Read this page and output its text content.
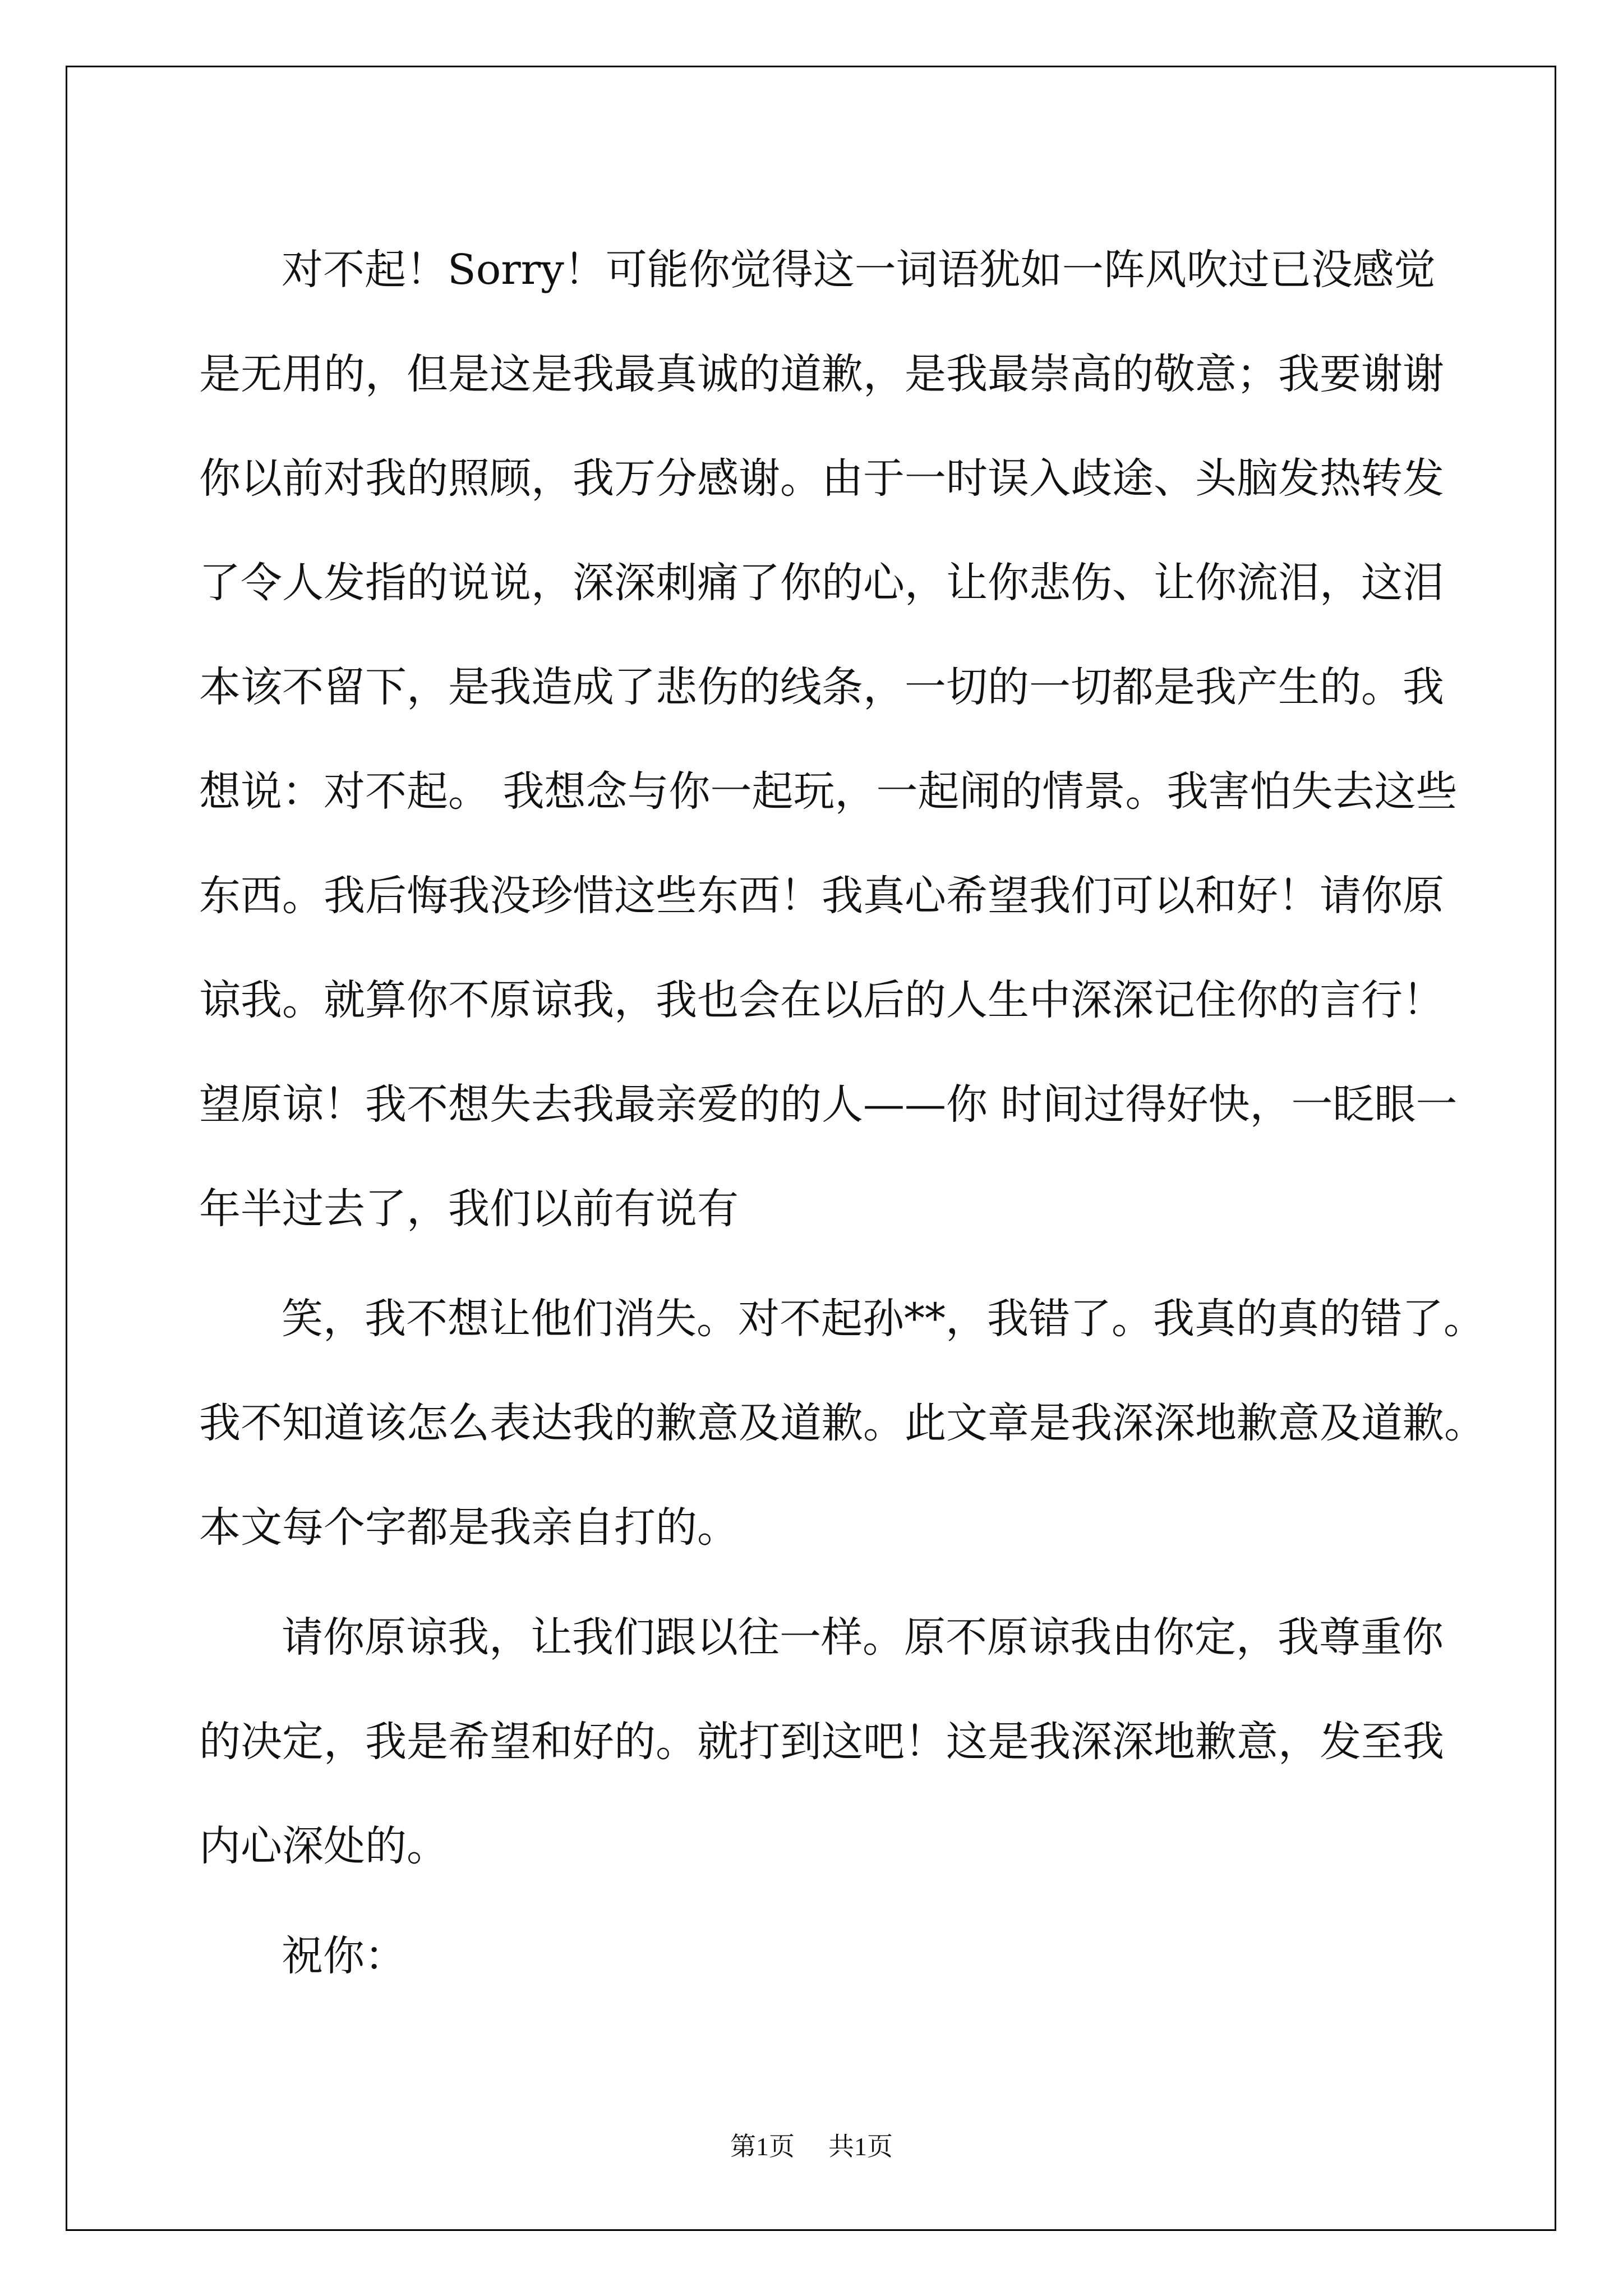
对不起！Sorry！可能你觉得这一词语犹如一阵风吹过已没感觉
是无用的，但是这是我最真诚的道歉，是我最崇高的敬意；我要谢谢
你以前对我的照顾，我万分感谢。由于一时误入歧途、头脑发热转发
了令人发指的说说，深深刺痛了你的心，让你悲伤、让你流泪，这泪
本该不留下，是我造成了悲伤的线条，一切的一切都是我产生的。我
想说：对不起。 我想念与你一起玩，一起闹的情景。我害怕失去这些
东西。我后悔我没珍惜这些东西！我真心希望我们可以和好！请你原
谅我。就算你不原谅我，我也会在以后的人生中深深记住你的言行！
望原谅！我不想失去我最亲爱的的人——你 时间过得好快，一眨眼一
年半过去了，我们以前有说有
笑，我不想让他们消失。对不起孙**，我错了。我真的真的错了。
我不知道该怎么表达我的歉意及道歉。此文章是我深深地歉意及道歉。
本文每个字都是我亲自打的。
请你原谅我，让我们跟以往一样。原不原谅我由你定，我尊重你
的决定，我是希望和好的。就打到这吧！这是我深深地歉意，发至我
内心深处的。
祝你：
第1页 共1页
